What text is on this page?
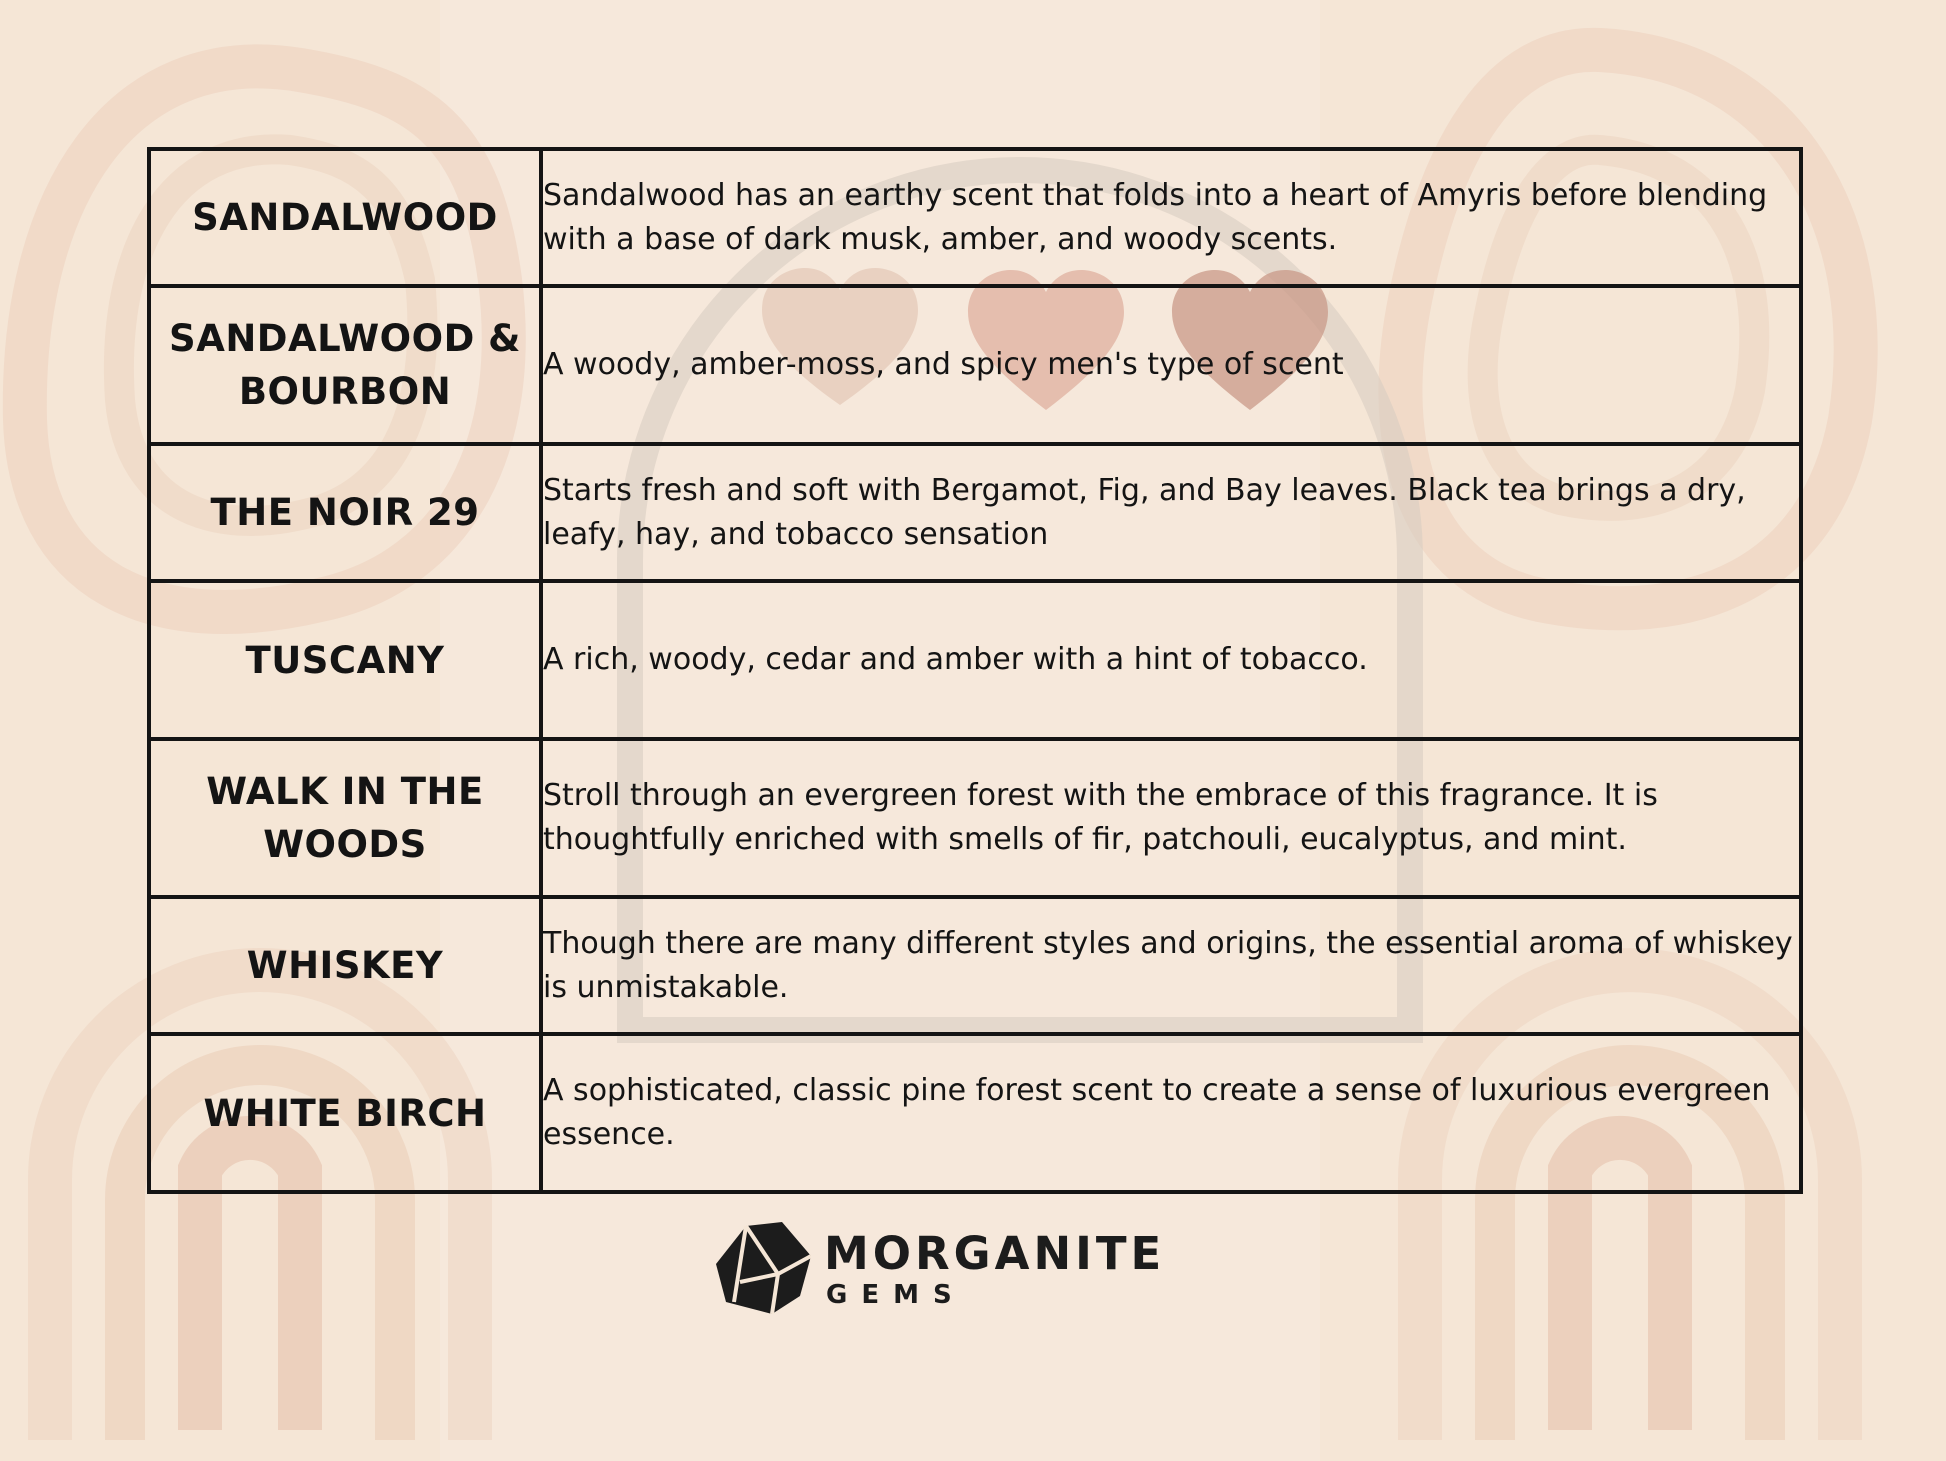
SANDALWOOD	Sandalwood has an earthy scent that folds into a heart of Amyris before blending with a base of dark musk, amber, and woody scents.
SANDALWOOD & BOURBON	A woody, amber-moss, and spicy men's type of scent
THE NOIR 29	Starts fresh and soft with Bergamot, Fig, and Bay leaves. Black tea brings a dry, leafy, hay, and tobacco sensation
TUSCANY	A rich, woody, cedar and amber with a hint of tobacco.
WALK IN THE WOODS	Stroll through an evergreen forest with the embrace of this fragrance. It is thoughtfully enriched with smells of fir, patchouli, eucalyptus, and mint.
WHISKEY	Though there are many different styles and origins, the essential aroma of whiskey is unmistakable.
WHITE BIRCH	A sophisticated, classic pine forest scent to create a sense of luxurious evergreen essence.
MORGANITE
GEMS
